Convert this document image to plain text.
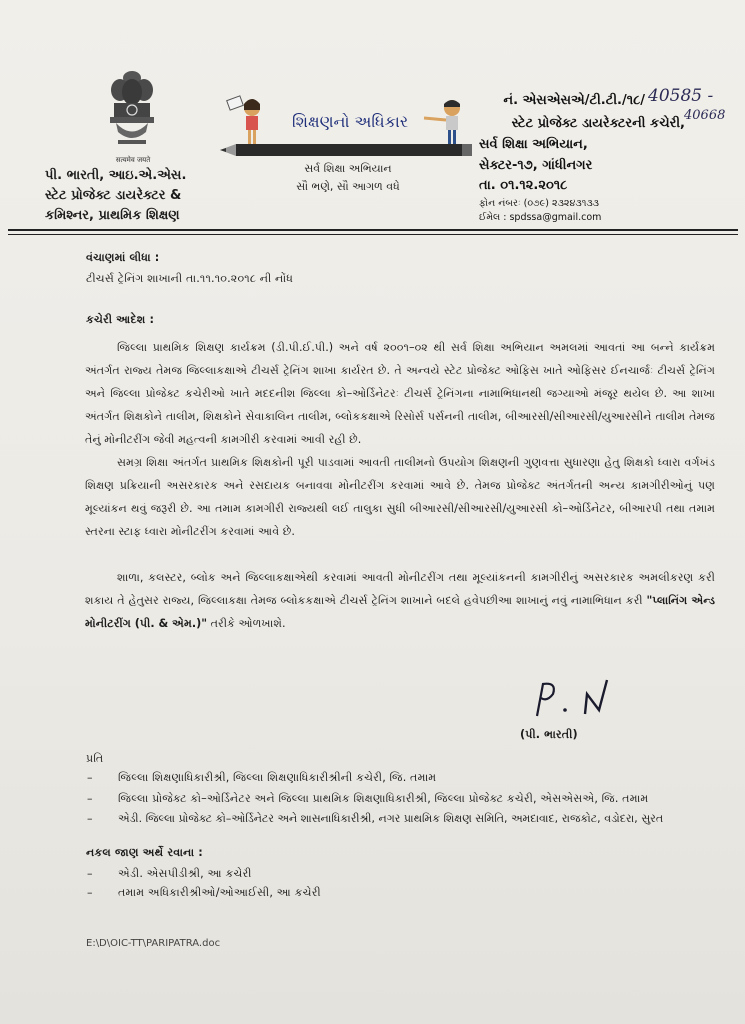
सत्यमेव जयते
પી. ભારતી, આઇ.એ.એસ.
સ્ટેટ પ્રોજેક્ટ ડાયરેક્ટર &
કમિશ્નર, પ્રાથમિક શિક્ષણ
શિક્ષણનો અધિકાર
સર્વ શિક્ષા અભિયાન
સૌ ભણે, સૌ આગળ વધે
નં. એસએસએ/ટી.ટી./૧૮/ 40585 -
40668
સ્ટેટ પ્રોજેક્ટ ડાયરેક્ટરની કચેરી,
સર્વ શિક્ષા અભિયાન,
સેક્ટર-૧૭, ગાંધીનગર
તા. ૦૧.૧૨.૨૦૧૮
ફોન નંબરઃ (૦૭૯) ૨૩૨૪૩૧૩૩
ઈમેલ : spdssa@gmail.com
વંચાણમાં લીધા :
ટીચર્સ ટ્રેનિંગ શાખાની તા.૧૧.૧૦.૨૦૧૮ ની નોંધ
કચેરી આદેશ :
જિલ્લા પ્રાથમિક શિક્ષણ કાર્યક્રમ (ડી.પી.ઈ.પી.) અને વર્ષ ૨૦૦૧–૦૨ થી સર્વ શિક્ષા અભિયાન અમલમાં આવતાં આ બન્ને કાર્યક્રમ અંતર્ગત રાજ્ય તેમજ જિલ્લાકક્ષાએ ટીચર્સ ટ્રેનિંગ શાખા કાર્યરત છે. તે અન્વયે સ્ટેટ પ્રોજેક્ટ ઓફિસ ખાતે ઓફિસર ઈનચાર્જઃ ટીચર્સ ટ્રેનિંગ અને જિલ્લા પ્રોજેક્ટ કચેરીઓ ખાતે મદદનીશ જિલ્લા કો–ઓર્ડિનેટરઃ ટીચર્સ ટ્રેનિંગના નામાભિધાનથી જગ્યાઓ મંજૂર થયેલ છે. આ શાખા અંતર્ગત શિક્ષકોને તાલીમ, શિક્ષકોને સેવાકાલિન તાલીમ, બ્લોકકક્ષાએ રિસોર્સ પર્સનની તાલીમ, બીઆરસી/સીઆરસી/યુઆરસીને તાલીમ તેમજ તેનું મોનીટરીંગ જેવી મહત્વની કામગીરી કરવામાં આવી રહી છે.
સમગ્ર શિક્ષા અંતર્ગત પ્રાથમિક શિક્ષકોની પૂરી પાડવામાં આવતી તાલીમનો ઉપયોગ શિક્ષણની ગુણવત્તા સુધારણા હેતુ શિક્ષકો ધ્વારા વર્ગખંડ શિક્ષણ પ્રક્રિયાની અસરકારક અને રસદાયક બનાવવા મોનીટરીંગ કરવામાં આવે છે. તેમજ પ્રોજેક્ટ અંતર્ગતની અન્ય કામગીરીઓનું પણ મૂલ્યાંકન થવું જરૂરી છે. આ તમામ કામગીરી રાજ્યથી લઈ તાલુકા સુધી બીઆરસી/સીઆરસી/યુઆરસી કો–ઓર્ડિનેટર, બીઆરપી તથા તમામ સ્તરના સ્ટાફ ધ્વારા મોનીટરીંગ કરવામાં આવે છે.
શાળા, કલસ્ટર, બ્લોક અને જિલ્લાકક્ષાએથી કરવામાં આવતી મોનીટરીંગ તથા મૂલ્યાંકનની કામગીરીનું અસરકારક અમલીકરણ કરી શકાય તે હેતુસર રાજ્ય, જિલ્લાકક્ષા તેમજ બ્લોકકક્ષાએ ટીચર્સ ટ્રેનિંગ શાખાને બદલે હવેપછીઆ શાખાનું નવું નામાભિધાન કરી "પ્લાનિંગ એન્ડ મોનીટરીંગ (પી. & એમ.)" તરીકે ઓળખાશે.
(પી. ભારતી)
પ્રતિ
– જિલ્લા શિક્ષણાધિકારીશ્રી, જિલ્લા શિક્ષણાધિકારીશ્રીની કચેરી, જિ. તમામ
– જિલ્લા પ્રોજેક્ટ કો–ઓર્ડિનેટર અને જિલ્લા પ્રાથમિક શિક્ષણાધિકારીશ્રી, જિલ્લા પ્રોજેક્ટ કચેરી, એસએસએ, જિ. તમામ
– એડી. જિલ્લા પ્રોજેક્ટ કો–ઓર્ડિનેટર અને શાસનાધિકારીશ્રી, નગર પ્રાથમિક શિક્ષણ સમિતિ, અમદાવાદ, રાજકોટ, વડોદરા, સુરત
નકલ જાણ અર્થે રવાના :
– એડી. એસપીડીશ્રી, આ કચેરી
– તમામ અધિકારીશ્રીઓ/ઓઆઈસી, આ કચેરી
E:\D\OIC-TT\PARIPATRA.doc
